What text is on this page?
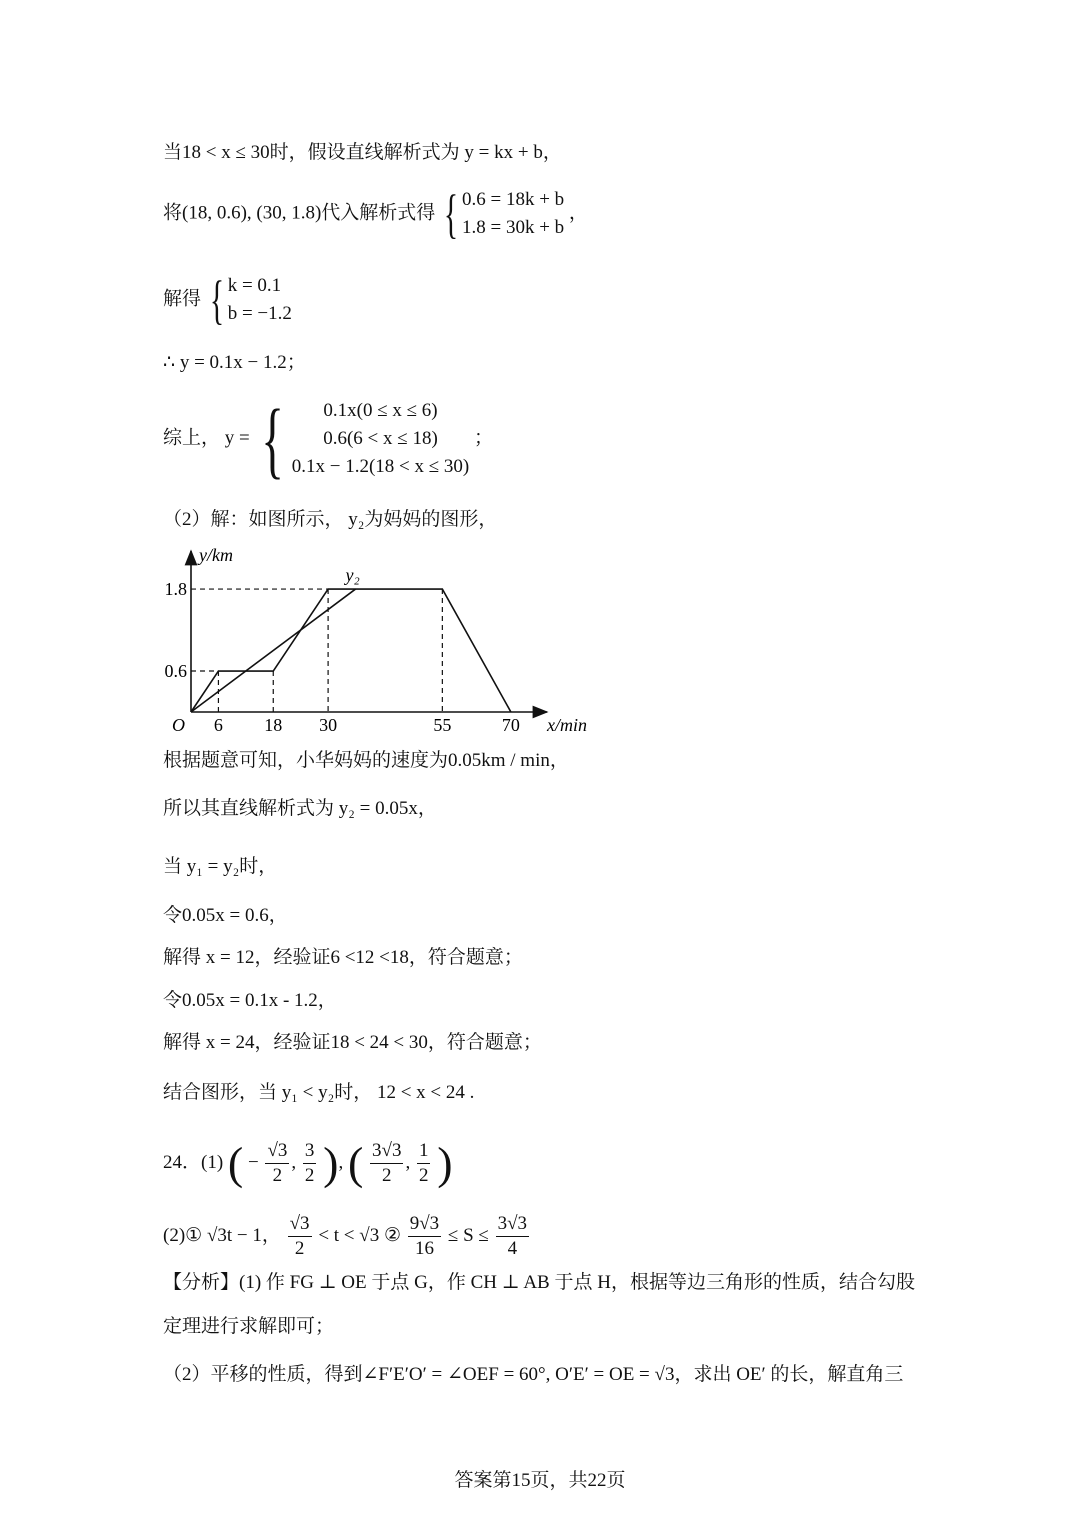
当18 < x ≤ 30时，假设直线解析式为 y = kx + b，
将(18, 0.6), (30, 1.8)代入解析式得 { 0.6 = 18k + b
1.8 = 30k + b
，
解得 { k = 0.1
b = −1.2
∴ y = 0.1x − 1.2；
综上， y = {	0.1x(0 ≤ x ≤ 6)
0.6(6 < x ≤ 18)
0.1x − 1.2(18 < x ≤ 30)
；
（2）解：如图所示， y₂为妈妈的图形，
y₂
6 18 30	55	70
0.6
1.8
O
y/km
x/min
根据题意可知，小华妈妈的速度为0.05km / min，
所以其直线解析式为 y₂ = 0.05x，
当 y₁ = y₂时，
令0.05x = 0.6，
解得 x = 12，经验证6 <12 <18，符合题意；
令0.05x = 0.1x - 1.2，
解得 x = 24，经验证18 < 24 < 30，符合题意；
结合图形，当 y₁ < y₂时， 12 < x < 24 .
24．(1) ( − $\frac{√3}{2}$ , $\frac{3}{2}$ ), ( $\frac{3√3}{2}$ , $\frac{1}{2}$ )
(2)① √3t − 1， $\frac{√3}{2} < t < √3$ ② $\frac{9√3}{16} \le S \le \frac{3√3}{4}$
【分析】(1) 作 FG ⊥ OE 于点 G，作 CH ⊥ AB 于点 H，根据等边三角形的性质，结合勾股
定理进行求解即可；
（2）平移的性质，得到∠F′E′O′ = ∠OEF = 60°, O′E′ = OE = √3，求出 OE′ 的长，解直角三
答案第15页，共22页
